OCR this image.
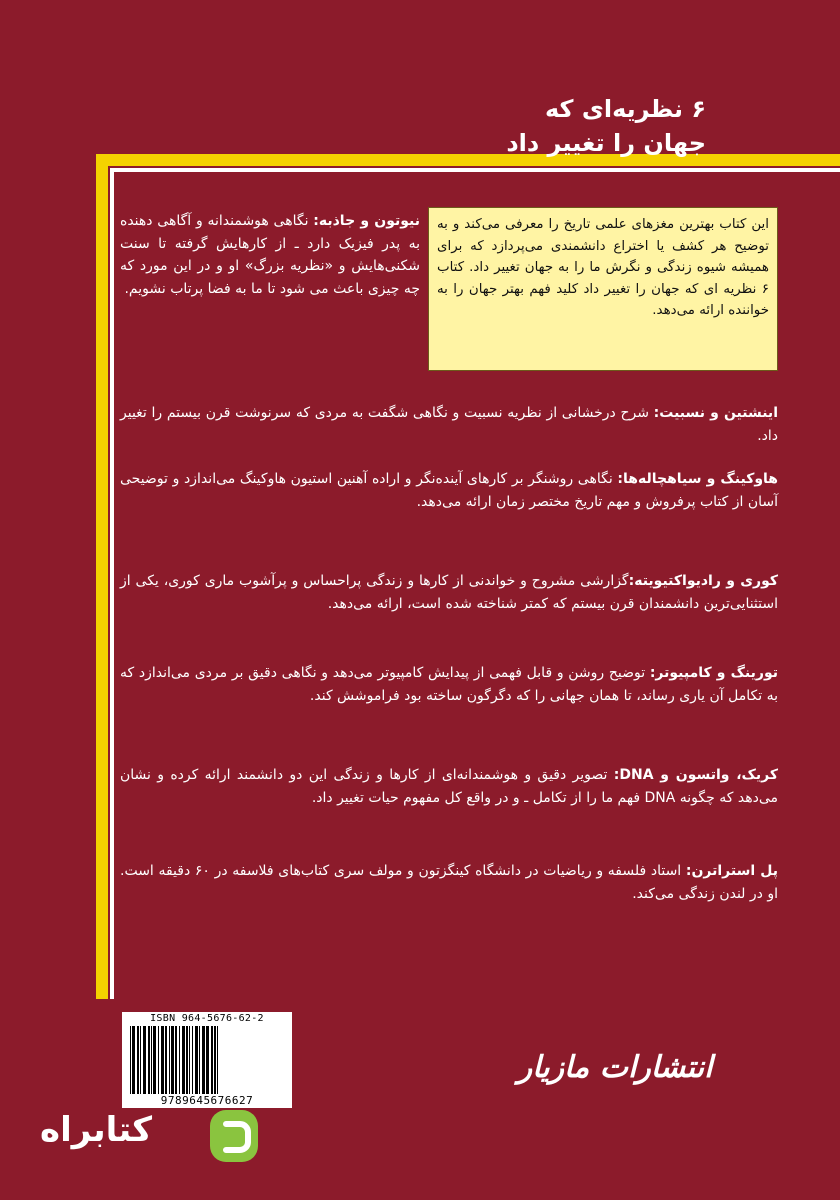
۶ نظریه‌ای که
جهان را تغییر داد
این کتاب بهترین مغزهای علمی تاریخ را معرفی می‌کند و به توضیح هر کشف یا اختراع دانشمندی می‌پردازد که برای همیشه شیوه زندگی و نگرش ما را به جهان تغییر داد. کتاب ۶ نظریه ای که جهان را تغییر داد کلید فهم بهتر جهان را به خواننده ارائه می‌دهد.
نیوتون و جاذبه: نگاهی هوشمندانه و آگاهی دهنده به پدر فیزیک دارد ـ از کارهایش گرفته تا سنت شکنی‌هایش و «نظریه بزرگ» او و در این مورد که چه چیزی باعث می شود تا ما به فضا پرتاب نشویم.
اینشتین و نسبیت: شرح درخشانی از نظریه نسبیت و نگاهی شگفت به مردی که سرنوشت قرن بیستم را تغییر داد.
هاوکینگ و سیاهچاله‌ها: نگاهی روشنگر بر کارهای آینده‌نگر و اراده آهنین استیون هاوکینگ می‌اندازد و توضیحی آسان از کتاب پرفروش و مهم تاریخ مختصر زمان ارائه می‌دهد.
کوری و رادیواکتیویته:گزارشی مشروح و خواندنی از کارها و زندگی پراحساس و پرآشوب ماری کوری، یکی از استثنایی‌ترین دانشمندان قرن بیستم که کمتر شناخته شده است، ارائه می‌دهد.
تورینگ و کامپیوتر: توضیح روشن و قابل فهمی از پیدایش کامپیوتر می‌دهد و نگاهی دقیق بر مردی می‌اندازد که به تکامل آن یاری رساند، تا همان جهانی را که دگرگون ساخته بود فراموشش کند.
کریک، واتسون و DNA: تصویر دقیق و هوشمندانه‌ای از کارها و زندگی این دو دانشمند ارائه کرده و نشان می‌دهد که چگونه DNA فهم ما را از تکامل ـ و در واقع کل مفهوم حیات تغییر داد.
پل استراترن: استاد فلسفه و ریاضیات در دانشگاه کینگزتون و مولف سری کتاب‌های فلاسفه در ۶۰ دقیقه است. او در لندن زندگی می‌کند.
ISBN 964-5676-62-2
9789645676627
انتشارات مازیار
کتابراه
